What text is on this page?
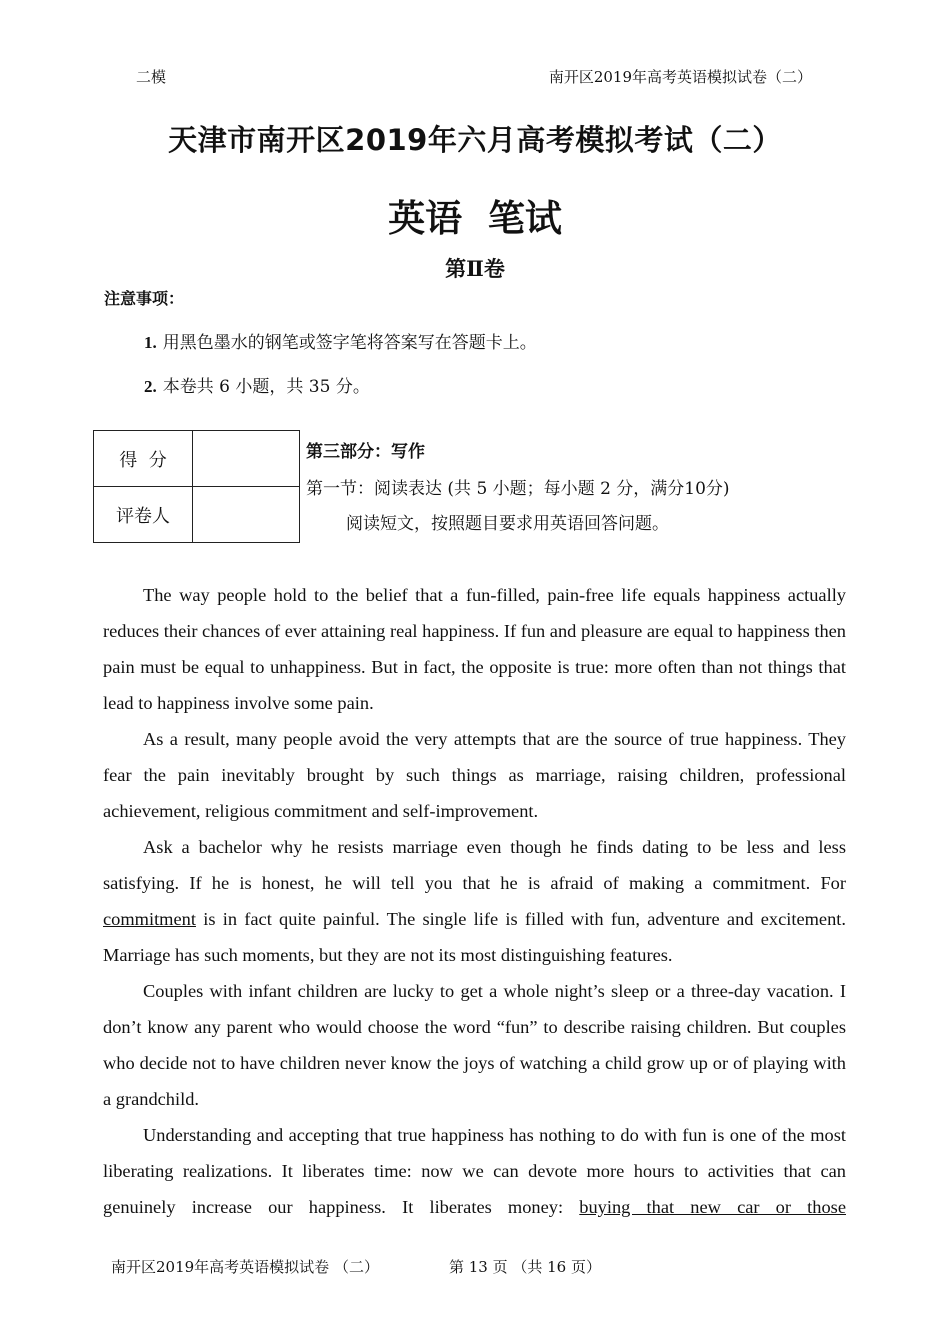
二模	南开区2019年高考英语模拟试卷（二）
天津市南开区2019年六月高考模拟考试（二）
英语  笔试
第Ⅱ卷
注意事项：
1. 用黑色墨水的钢笔或签字笔将答案写在答题卡上。
2. 本卷共 6 小题，共 35 分。
得  分	
评卷人	
第三部分：写作
第一节：阅读表达 (共 5 小题；每小题 2 分，满分10分)
阅读短文，按照题目要求用英语回答问题。

The way people hold to the belief that a fun-filled, pain-free life equals happiness actually reduces their chances of ever attaining real happiness. If fun and pleasure are equal to happiness then pain must be equal to unhappiness. But in fact, the opposite is true: more often than not things that lead to happiness involve some pain.

As a result, many people avoid the very attempts that are the source of true happiness. They fear the pain inevitably brought by such things as marriage, raising children, professional achievement, religious commitment and self-improvement.

Ask a bachelor why he resists marriage even though he finds dating to be less and less satisfying. If he is honest, he will tell you that he is afraid of making a commitment. For commitment is in fact quite painful. The single life is filled with fun, adventure and excitement. Marriage has such moments, but they are not its most distinguishing features.

Couples with infant children are lucky to get a whole night’s sleep or a three-day vacation. I don’t know any parent who would choose the word “fun” to describe raising children. But couples who decide not to have children never know the joys of watching a child grow up or of playing with a grandchild.

Understanding and accepting that true happiness has nothing to do with fun is one of the most liberating realizations. It liberates time: now we can devote more hours to activities that can genuinely increase our happiness. It liberates money: buying that new car or those

南开区2019年高考英语模拟试卷 （二）	第 13 页 （共 16 页）
